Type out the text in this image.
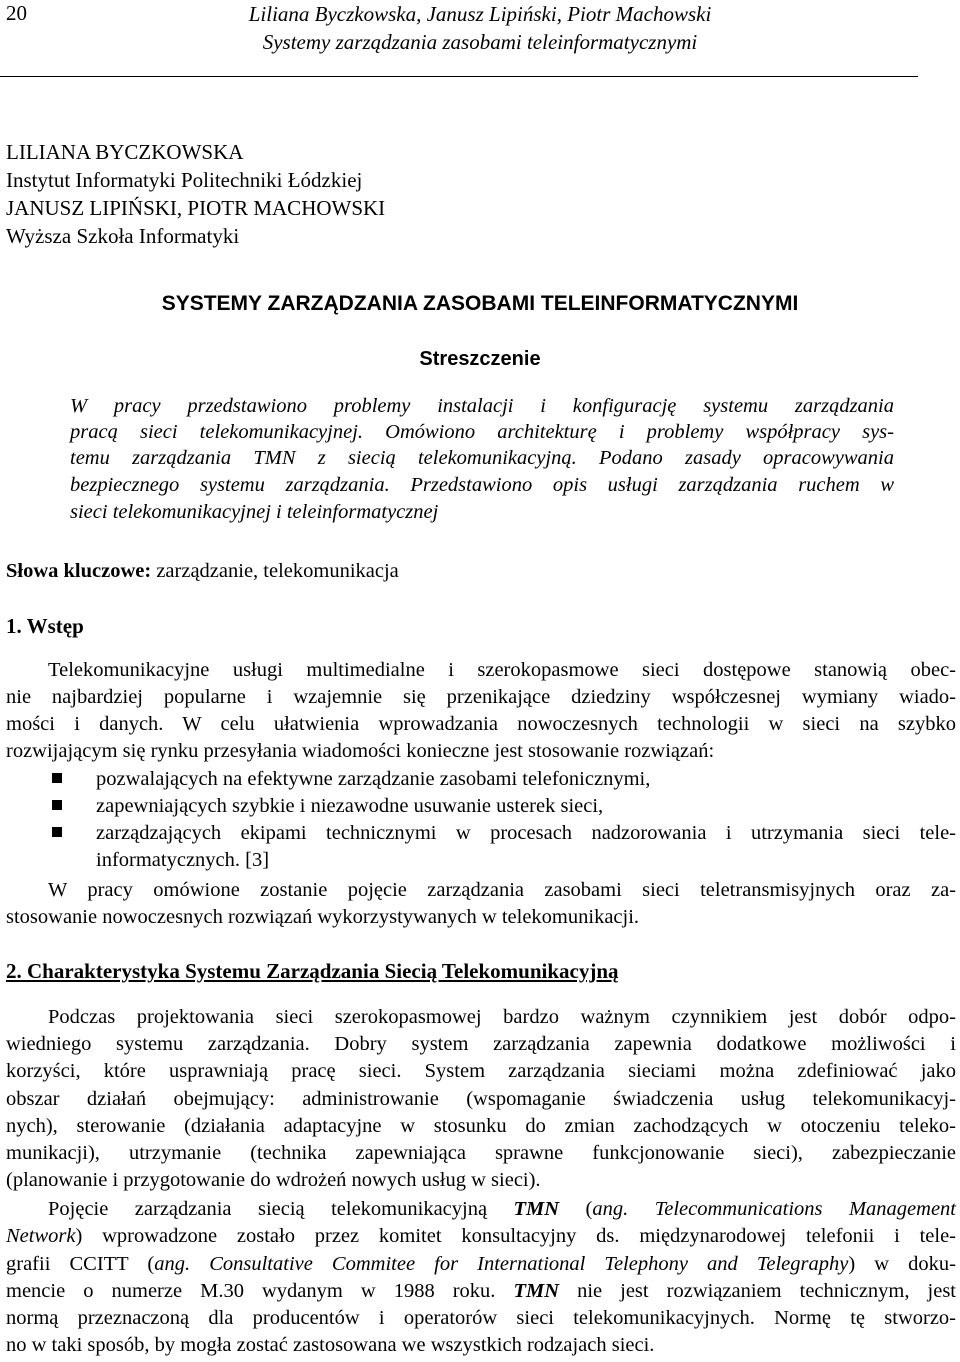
20	Liliana Byczkowska, Janusz Lipiński, Piotr Machowski
Systemy zarządzania zasobami teleinformatycznymi
LILIANA BYCZKOWSKA
Instytut Informatyki Politechniki Łódzkiej
JANUSZ LIPIŃSKI, PIOTR MACHOWSKI
Wyższa Szkoła Informatyki
SYSTEMY ZARZĄDZANIA ZASOBAMI TELEINFORMATYCZNYMI
Streszczenie
W pracy przedstawiono problemy instalacji i konfigurację systemu zarządzania
pracą sieci telekomunikacyjnej. Omówiono architekturę i problemy współpracy sys-
temu zarządzania TMN z siecią telekomunikacyjną. Podano zasady opracowywania
bezpiecznego systemu zarządzania. Przedstawiono opis usługi zarządzania ruchem w
sieci telekomunikacyjnej i teleinformatycznej
Słowa kluczowe: zarządzanie, telekomunikacja
1. Wstęp
Telekomunikacyjne usługi multimedialne i szerokopasmowe sieci dostępowe stanowią obec-
nie najbardziej popularne i wzajemnie się przenikające dziedziny współczesnej wymiany wiado-
mości i danych. W celu ułatwienia wprowadzania nowoczesnych technologii w sieci na szybko
rozwijającym się rynku przesyłania wiadomości konieczne jest stosowanie rozwiązań:
pozwalających na efektywne zarządzanie zasobami telefonicznymi,
zapewniających szybkie i niezawodne usuwanie usterek sieci,
zarządzających ekipami technicznymi w procesach nadzorowania i utrzymania sieci tele-
informatycznych. [3]
W pracy omówione zostanie pojęcie zarządzania zasobami sieci teletransmisyjnych oraz za-
stosowanie nowoczesnych rozwiązań wykorzystywanych w telekomunikacji.
2. Charakterystyka Systemu Zarządzania Siecią Telekomunikacyjną
Podczas projektowania sieci szerokopasmowej bardzo ważnym czynnikiem jest dobór odpo-
wiedniego systemu zarządzania. Dobry system zarządzania zapewnia dodatkowe możliwości i
korzyści, które usprawniają pracę sieci. System zarządzania sieciami można zdefiniować jako
obszar działań obejmujący: administrowanie (wspomaganie świadczenia usług telekomunikacyj-
nych), sterowanie (działania adaptacyjne w stosunku do zmian zachodzących w otoczeniu teleko-
munikacji), utrzymanie (technika zapewniająca sprawne funkcjonowanie sieci), zabezpieczanie
(planowanie i przygotowanie do wdrożeń nowych usług w sieci).
Pojęcie zarządzania siecią telekomunikacyjną TMN (ang. Telecommunications Management
Network) wprowadzone zostało przez komitet konsultacyjny ds. międzynarodowej telefonii i tele-
grafii CCITT (ang. Consultative Commitee for International Telephony and Telegraphy) w doku-
mencie o numerze M.30 wydanym w 1988 roku. TMN nie jest rozwiązaniem technicznym, jest
normą przeznaczoną dla producentów i operatorów sieci telekomunikacyjnych. Normę tę stworzo-
no w taki sposób, by mogła zostać zastosowana we wszystkich rodzajach sieci.
